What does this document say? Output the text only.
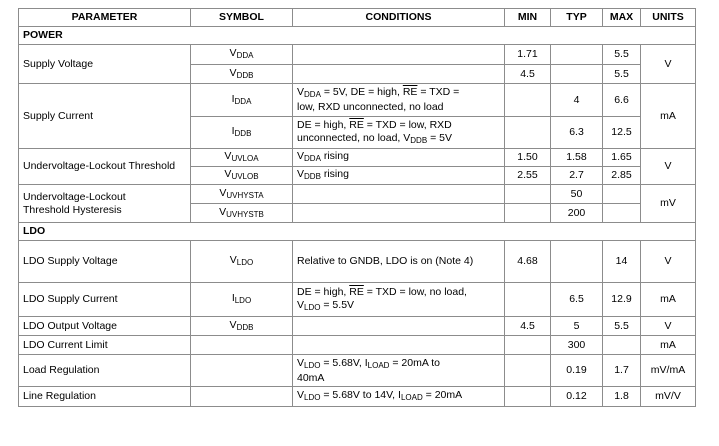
PARAMETER	SYMBOL	CONDITIONS	MIN	TYP	MAX	UNITS
POWER						
Supply Voltage	$V_{DDA}$		1.71		5.5	V
	$V_{DDB}$		4.5		5.5	
Supply Current	$I_{DDA}$	$V_{DDA} = 5V$, DE = high, $\overline{RE}$ = TXD =
low, RXD unconnected, no load		4	6.6	mA
	$I_{DDB}$	DE = high, $\overline{RE}$ = TXD = low, RXD
unconnected, no load, $V_{DDB} = 5V$		6.3	12.5	
Undervoltage-Lockout Threshold	$V_{UVLOA}$	$V_{DDA}$ rising	1.50	1.58	1.65	V
	$V_{UVLOB}$	$V_{DDB}$ rising	2.55	2.7	2.85	
Undervoltage-Lockout
Threshold Hysteresis	$V_{UVHYSTA}$			50		mV
	$V_{UVHYSTB}$			200		
LDO						
LDO Supply Voltage	$V_{LDO}$	Relative to GNDB, LDO is on (Note 4)	4.68		14	V
LDO Supply Current	$I_{LDO}$	DE = high, $\overline{RE}$ = TXD = low, no load,
$V_{LDO} = 5.5V$		6.5	12.9	mA
LDO Output Voltage	$V_{DDB}$		4.5	5	5.5	V
LDO Current Limit				300		mA
Load Regulation		$V_{LDO} = 5.68V$, $I_{LOAD} = 20mA$ to
40mA		0.19	1.7	mV/mA
Line Regulation		$V_{LDO} = 5.68V$ to 14V, $I_{LOAD} = 20mA$		0.12	1.8	mV/V
